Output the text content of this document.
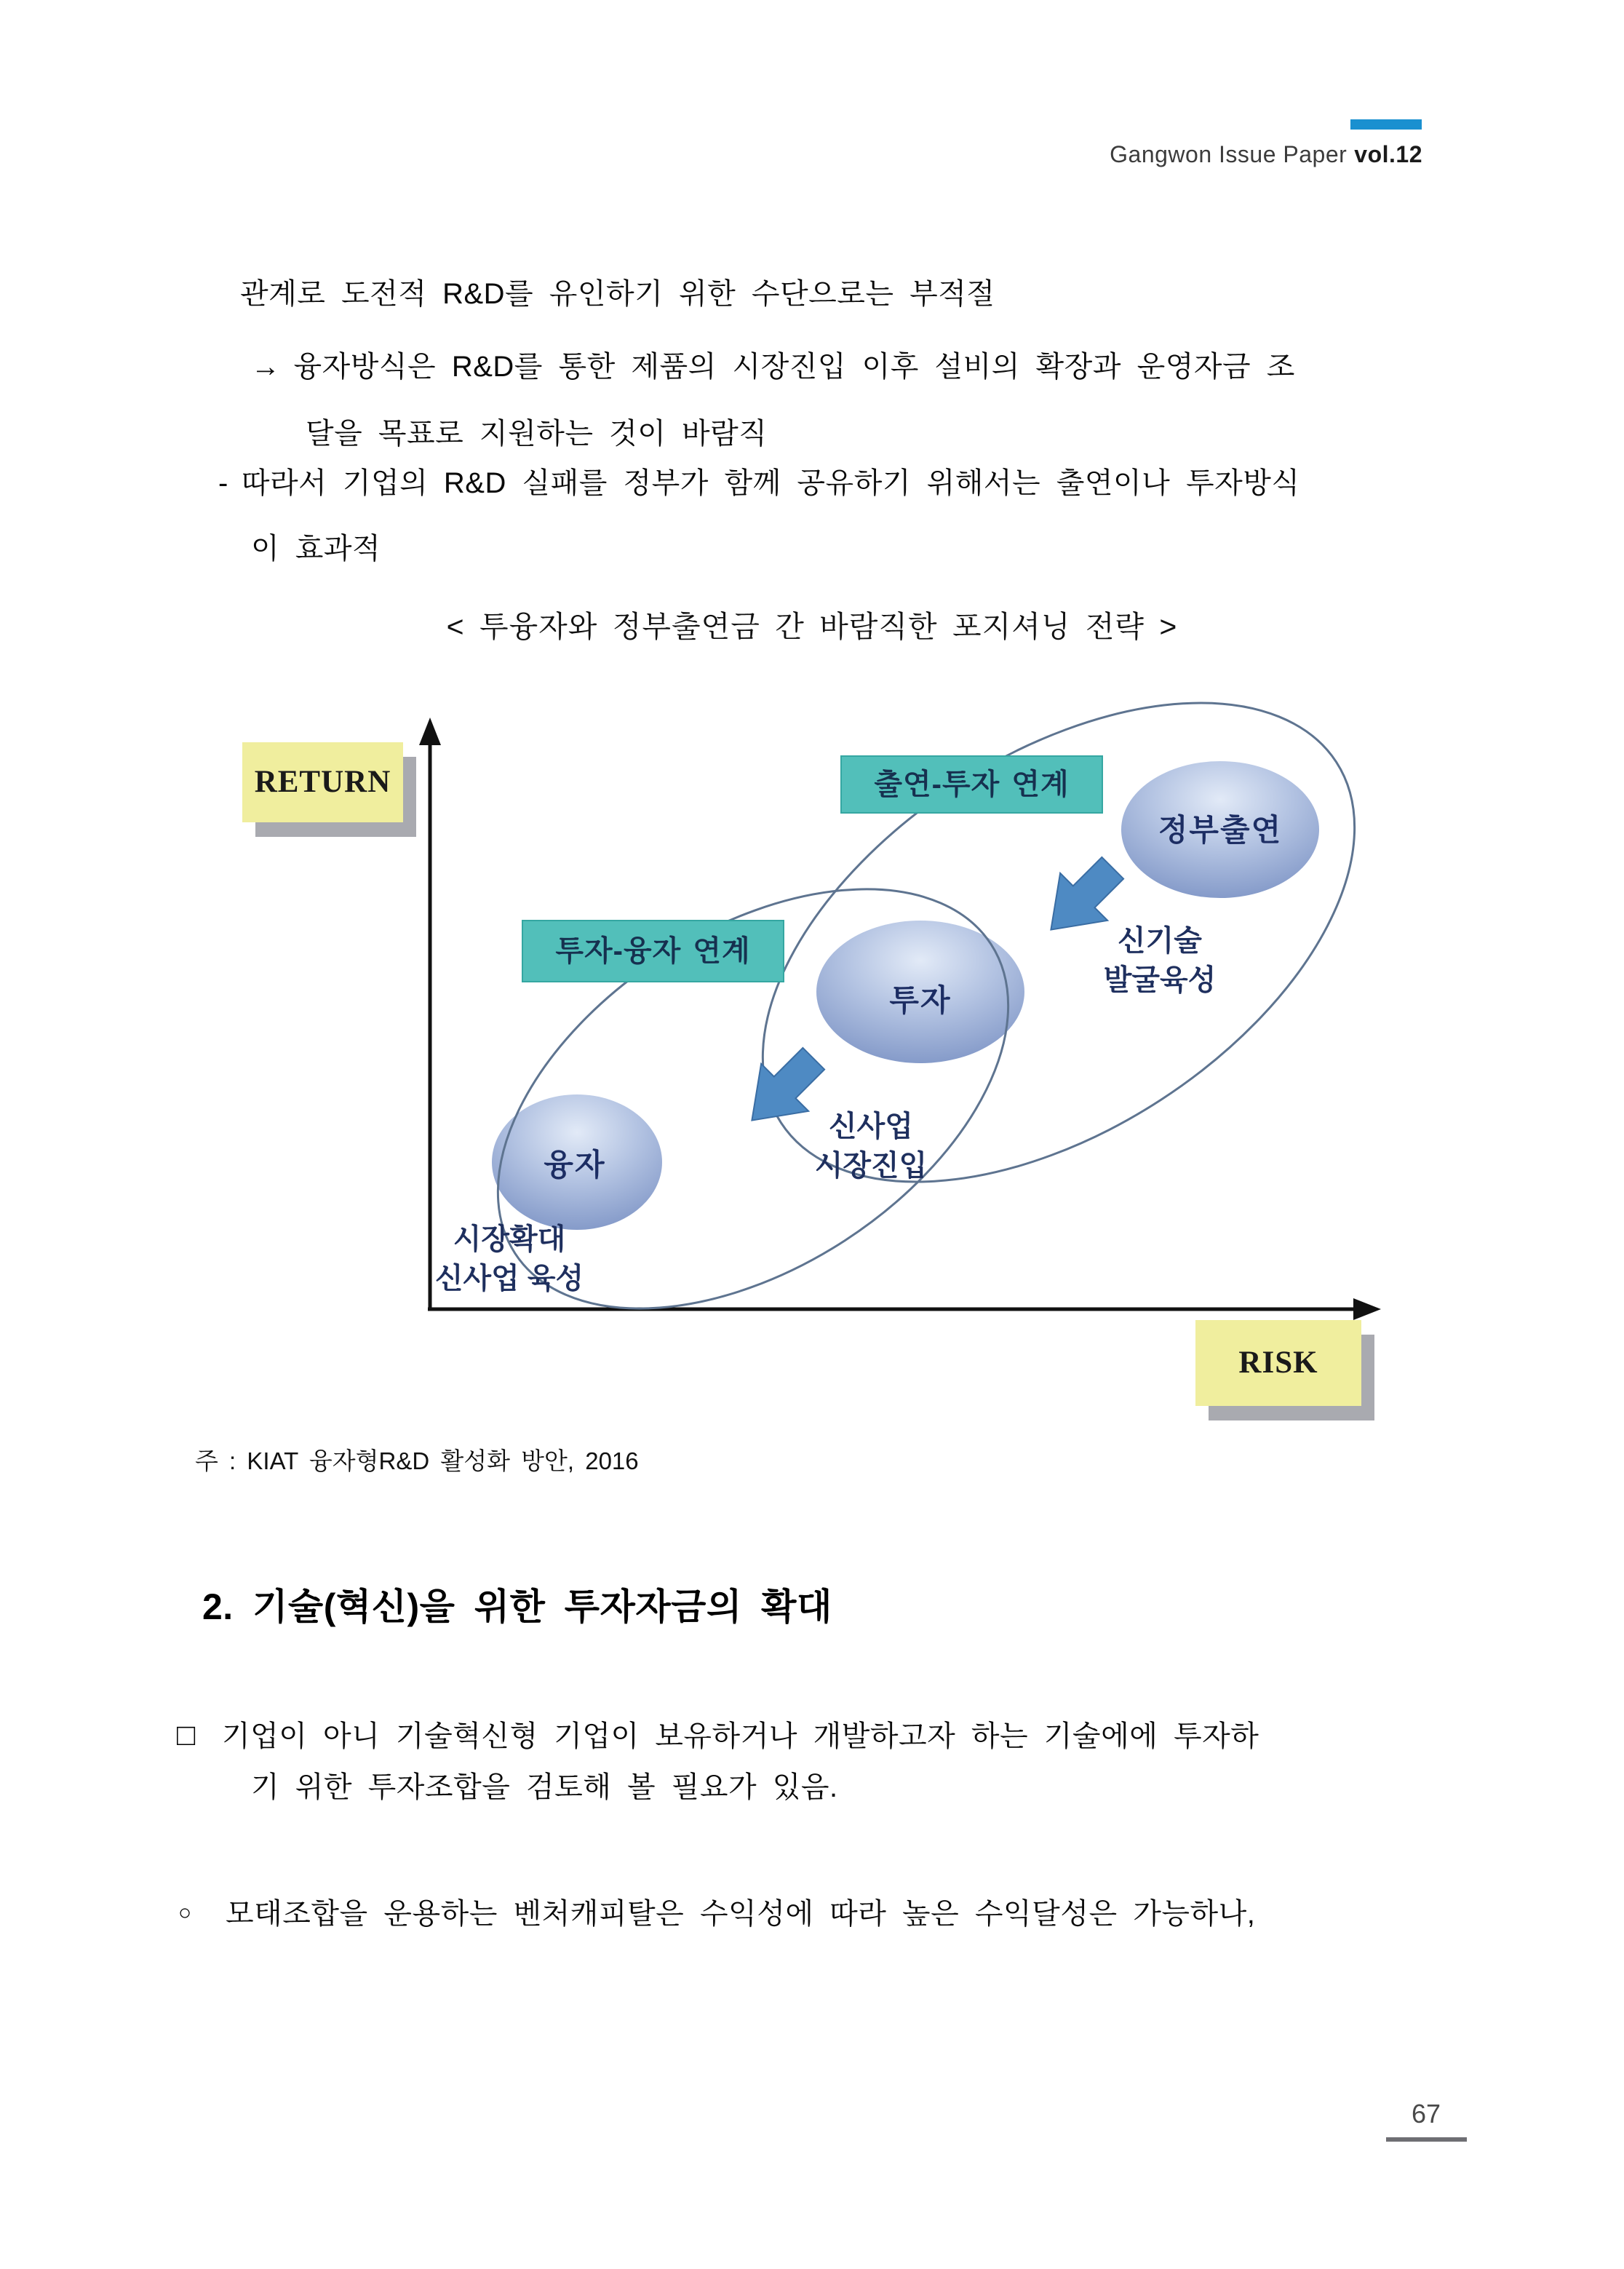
Gangwon Issue Paper vol.12
관계로 도전적 R&D를 유인하기 위한 수단으로는 부적절
→ 융자방식은 R&D를 통한 제품의 시장진입 이후 설비의 확장과 운영자금 조
달을 목표로 지원하는 것이 바람직
- 따라서 기업의 R&D 실패를 정부가 함께 공유하기 위해서는 출연이나 투자방식
이 효과적
< 투융자와 정부출연금 간 바람직한 포지셔닝 전략 >
RETURN
RISK
출연-투자 연계
투자-융자 연계
정부출연
투자
융자
신기술
발굴육성
신사업
시장진입
시장확대
신사업 육성
주 : KIAT 융자형R&D 활성화 방안, 2016
2. 기술(혁신)을 위한 투자자금의 확대
□ 기업이 아니 기술혁신형 기업이 보유하거나 개발하고자 하는 기술에에 투자하
기 위한 투자조합을 검토해 볼 필요가 있음.
○ 모태조합을 운용하는 벤처캐피탈은 수익성에 따라 높은 수익달성은 가능하나,
67
